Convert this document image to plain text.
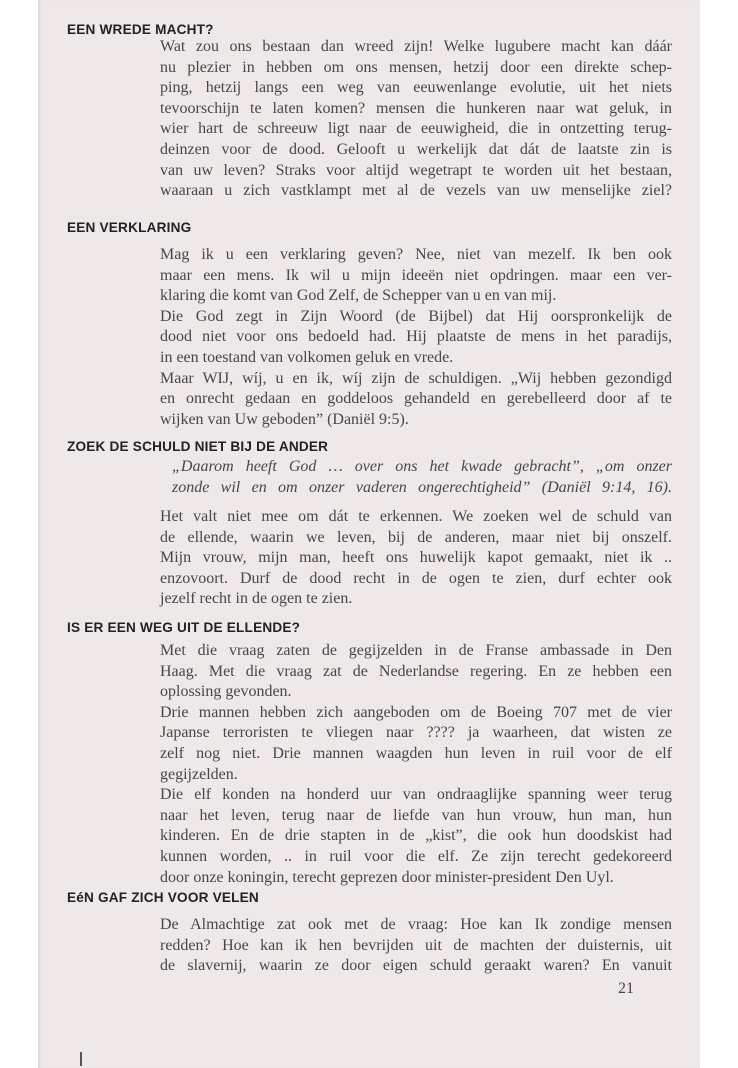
21
EEN WREDE MACHT?
Wat zou ons bestaan dan wreed zijn! Welke lugubere macht kan dáár
nu plezier in hebben om ons mensen, hetzij door een direkte schep-
ping, hetzij langs een weg van eeuwenlange evolutie, uit het niets
tevoorschijn te laten komen? mensen die hunkeren naar wat geluk, in
wier hart de schreeuw ligt naar de eeuwigheid, die in ontzetting terug-
deinzen voor de dood. Gelooft u werkelijk dat dát de laatste zin is
van uw leven? Straks voor altijd wegetrapt te worden uit het bestaan,
waaraan u zich vastklampt met al de vezels van uw menselijke ziel?
EEN VERKLARING
Mag ik u een verklaring geven? Nee, niet van mezelf. Ik ben ook
maar een mens. Ik wil u mijn ideeën niet opdringen. maar een ver-
klaring die komt van God Zelf, de Schepper van u en van mij.
Die God zegt in Zijn Woord (de Bijbel) dat Hij oorspronkelijk de
dood niet voor ons bedoeld had. Hij plaatste de mens in het paradijs,
in een toestand van volkomen geluk en vrede.
Maar WIJ, wíj, u en ik, wíj zijn de schuldigen. „Wij hebben gezondigd
en onrecht gedaan en goddeloos gehandeld en gerebelleerd door af te
wijken van Uw geboden” (Daniël 9:5).
ZOEK DE SCHULD NIET BIJ DE ANDER
„Daarom heeft God … over ons het kwade gebracht”, „om onzer
zonde wil en om onzer vaderen ongerechtigheid” (Daniël 9:14, 16).
Het valt niet mee om dát te erkennen. We zoeken wel de schuld van
de ellende, waarin we leven, bij de anderen, maar niet bij onszelf.
Mijn vrouw, mijn man, heeft ons huwelijk kapot gemaakt, niet ik ..
enzovoort. Durf de dood recht in de ogen te zien, durf echter ook
jezelf recht in de ogen te zien.
IS ER EEN WEG UIT DE ELLENDE?
Met die vraag zaten de gegijzelden in de Franse ambassade in Den
Haag. Met die vraag zat de Nederlandse regering. En ze hebben een
oplossing gevonden.
Drie mannen hebben zich aangeboden om de Boeing 707 met de vier
Japanse terroristen te vliegen naar ???? ja waarheen, dat wisten ze
zelf nog niet. Drie mannen waagden hun leven in ruil voor de elf
gegijzelden.
Die elf konden na honderd uur van ondraaglijke spanning weer terug
naar het leven, terug naar de liefde van hun vrouw, hun man, hun
kinderen. En de drie stapten in de „kist”, die ook hun doodskist had
kunnen worden, .. in ruil voor die elf. Ze zijn terecht gedekoreerd
door onze koningin, terecht geprezen door minister-president Den Uyl.
EéN GAF ZICH VOOR VELEN
De Almachtige zat ook met de vraag: Hoe kan Ik zondige mensen
redden? Hoe kan ik hen bevrijden uit de machten der duisternis, uit
de slavernij, waarin ze door eigen schuld geraakt waren? En vanuit
